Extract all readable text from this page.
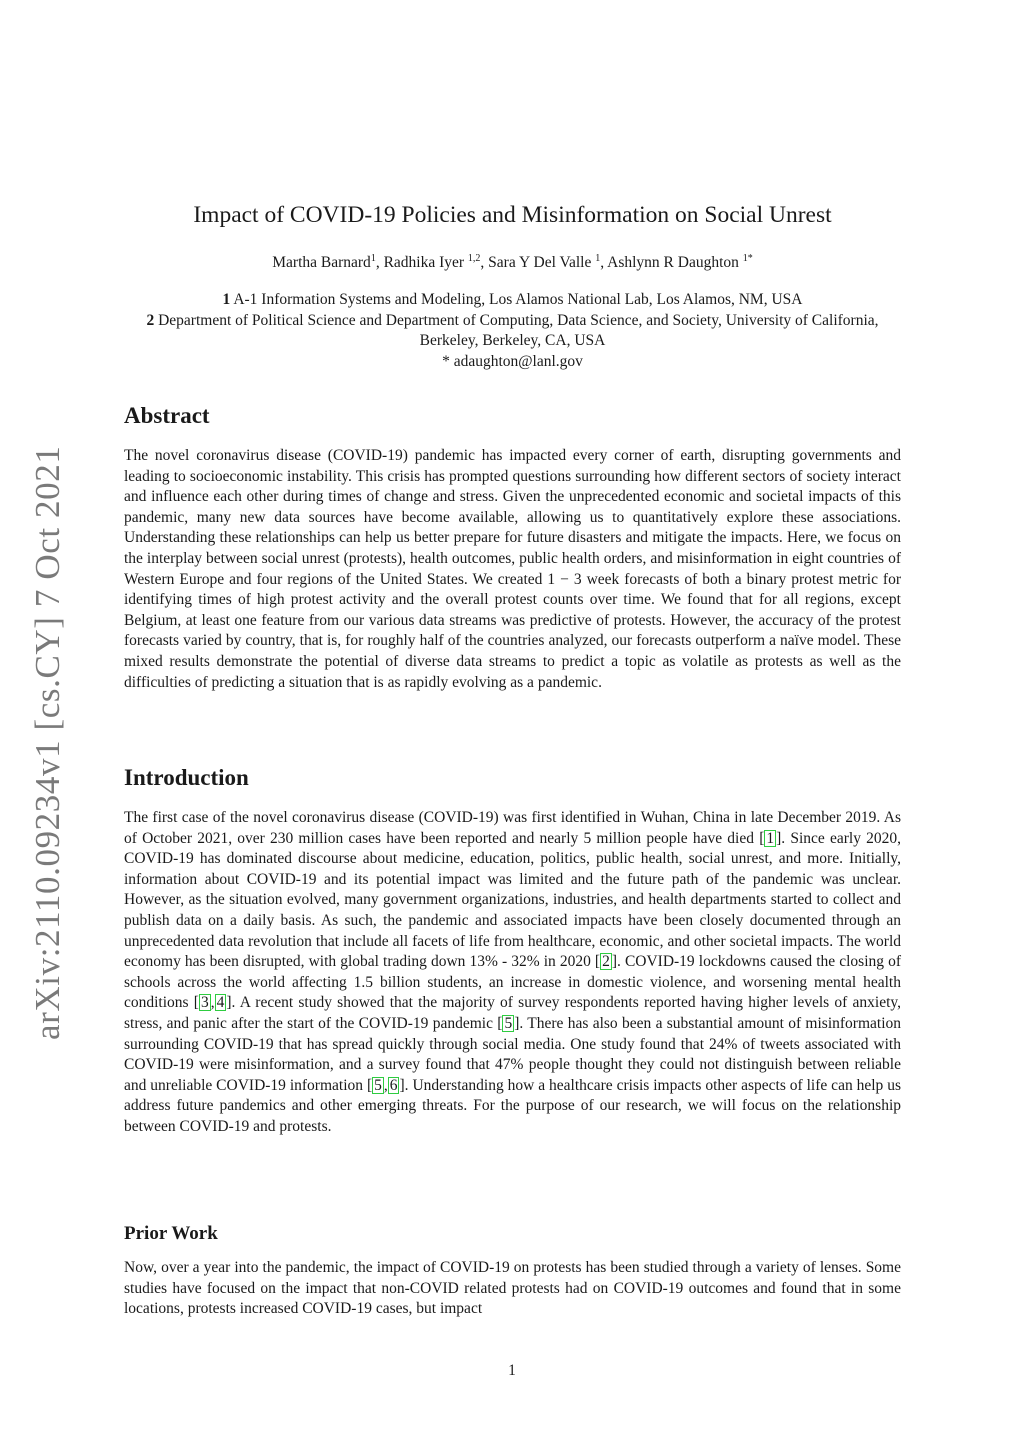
arXiv:2110.09234v1 [cs.CY] 7 Oct 2021
Impact of COVID-19 Policies and Misinformation on Social Unrest
Martha Barnard$^1$, Radhika Iyer $^{1,2}$, Sara Y Del Valle $^1$, Ashlynn R Daughton $^{1*}$
1 A-1 Information Systems and Modeling, Los Alamos National Lab, Los Alamos, NM, USA
2 Department of Political Science and Department of Computing, Data Science, and Society, University of California, Berkeley, Berkeley, CA, USA
* adaughton@lanl.gov
Abstract
The novel coronavirus disease (COVID-19) pandemic has impacted every corner of earth, disrupting governments and leading to socioeconomic instability. This crisis has prompted questions surrounding how different sectors of society interact and influence each other during times of change and stress. Given the unprecedented economic and societal impacts of this pandemic, many new data sources have become available, allowing us to quantitatively explore these associations. Understanding these relationships can help us better prepare for future disasters and mitigate the impacts. Here, we focus on the interplay between social unrest (protests), health outcomes, public health orders, and misinformation in eight countries of Western Europe and four regions of the United States. We created 1 − 3 week forecasts of both a binary protest metric for identifying times of high protest activity and the overall protest counts over time. We found that for all regions, except Belgium, at least one feature from our various data streams was predictive of protests. However, the accuracy of the protest forecasts varied by country, that is, for roughly half of the countries analyzed, our forecasts outperform a naïve model. These mixed results demonstrate the potential of diverse data streams to predict a topic as volatile as protests as well as the difficulties of predicting a situation that is as rapidly evolving as a pandemic.
Introduction
The first case of the novel coronavirus disease (COVID-19) was first identified in Wuhan, China in late December 2019. As of October 2021, over 230 million cases have been reported and nearly 5 million people have died [ 1 ]. Since early 2020, COVID-19 has dominated discourse about medicine, education, politics, public health, social unrest, and more. Initially, information about COVID-19 and its potential impact was limited and the future path of the pandemic was unclear. However, as the situation evolved, many government organizations, industries, and health departments started to collect and publish data on a daily basis. As such, the pandemic and associated impacts have been closely documented through an unprecedented data revolution that include all facets of life from healthcare, economic, and other societal impacts. The world economy has been disrupted, with global trading down 13% - 32% in 2020 [ 2 ]. COVID-19 lockdowns caused the closing of schools across the world affecting 1.5 billion students, an increase in domestic violence, and worsening mental health conditions [ 3 , 4 ]. A recent study showed that the majority of survey respondents reported having higher levels of anxiety, stress, and panic after the start of the COVID-19 pandemic [ 5 ]. There has also been a substantial amount of misinformation surrounding COVID-19 that has spread quickly through social media. One study found that 24% of tweets associated with COVID-19 were misinformation, and a survey found that 47% people thought they could not distinguish between reliable and unreliable COVID-19 information [ 5 , 6 ]. Understanding how a healthcare crisis impacts other aspects of life can help us address future pandemics and other emerging threats. For the purpose of our research, we will focus on the relationship between COVID-19 and protests.
Prior Work
Now, over a year into the pandemic, the impact of COVID-19 on protests has been studied through a variety of lenses. Some studies have focused on the impact that non-COVID related protests had on COVID-19 outcomes and found that in some locations, protests increased COVID-19 cases, but impact
1
